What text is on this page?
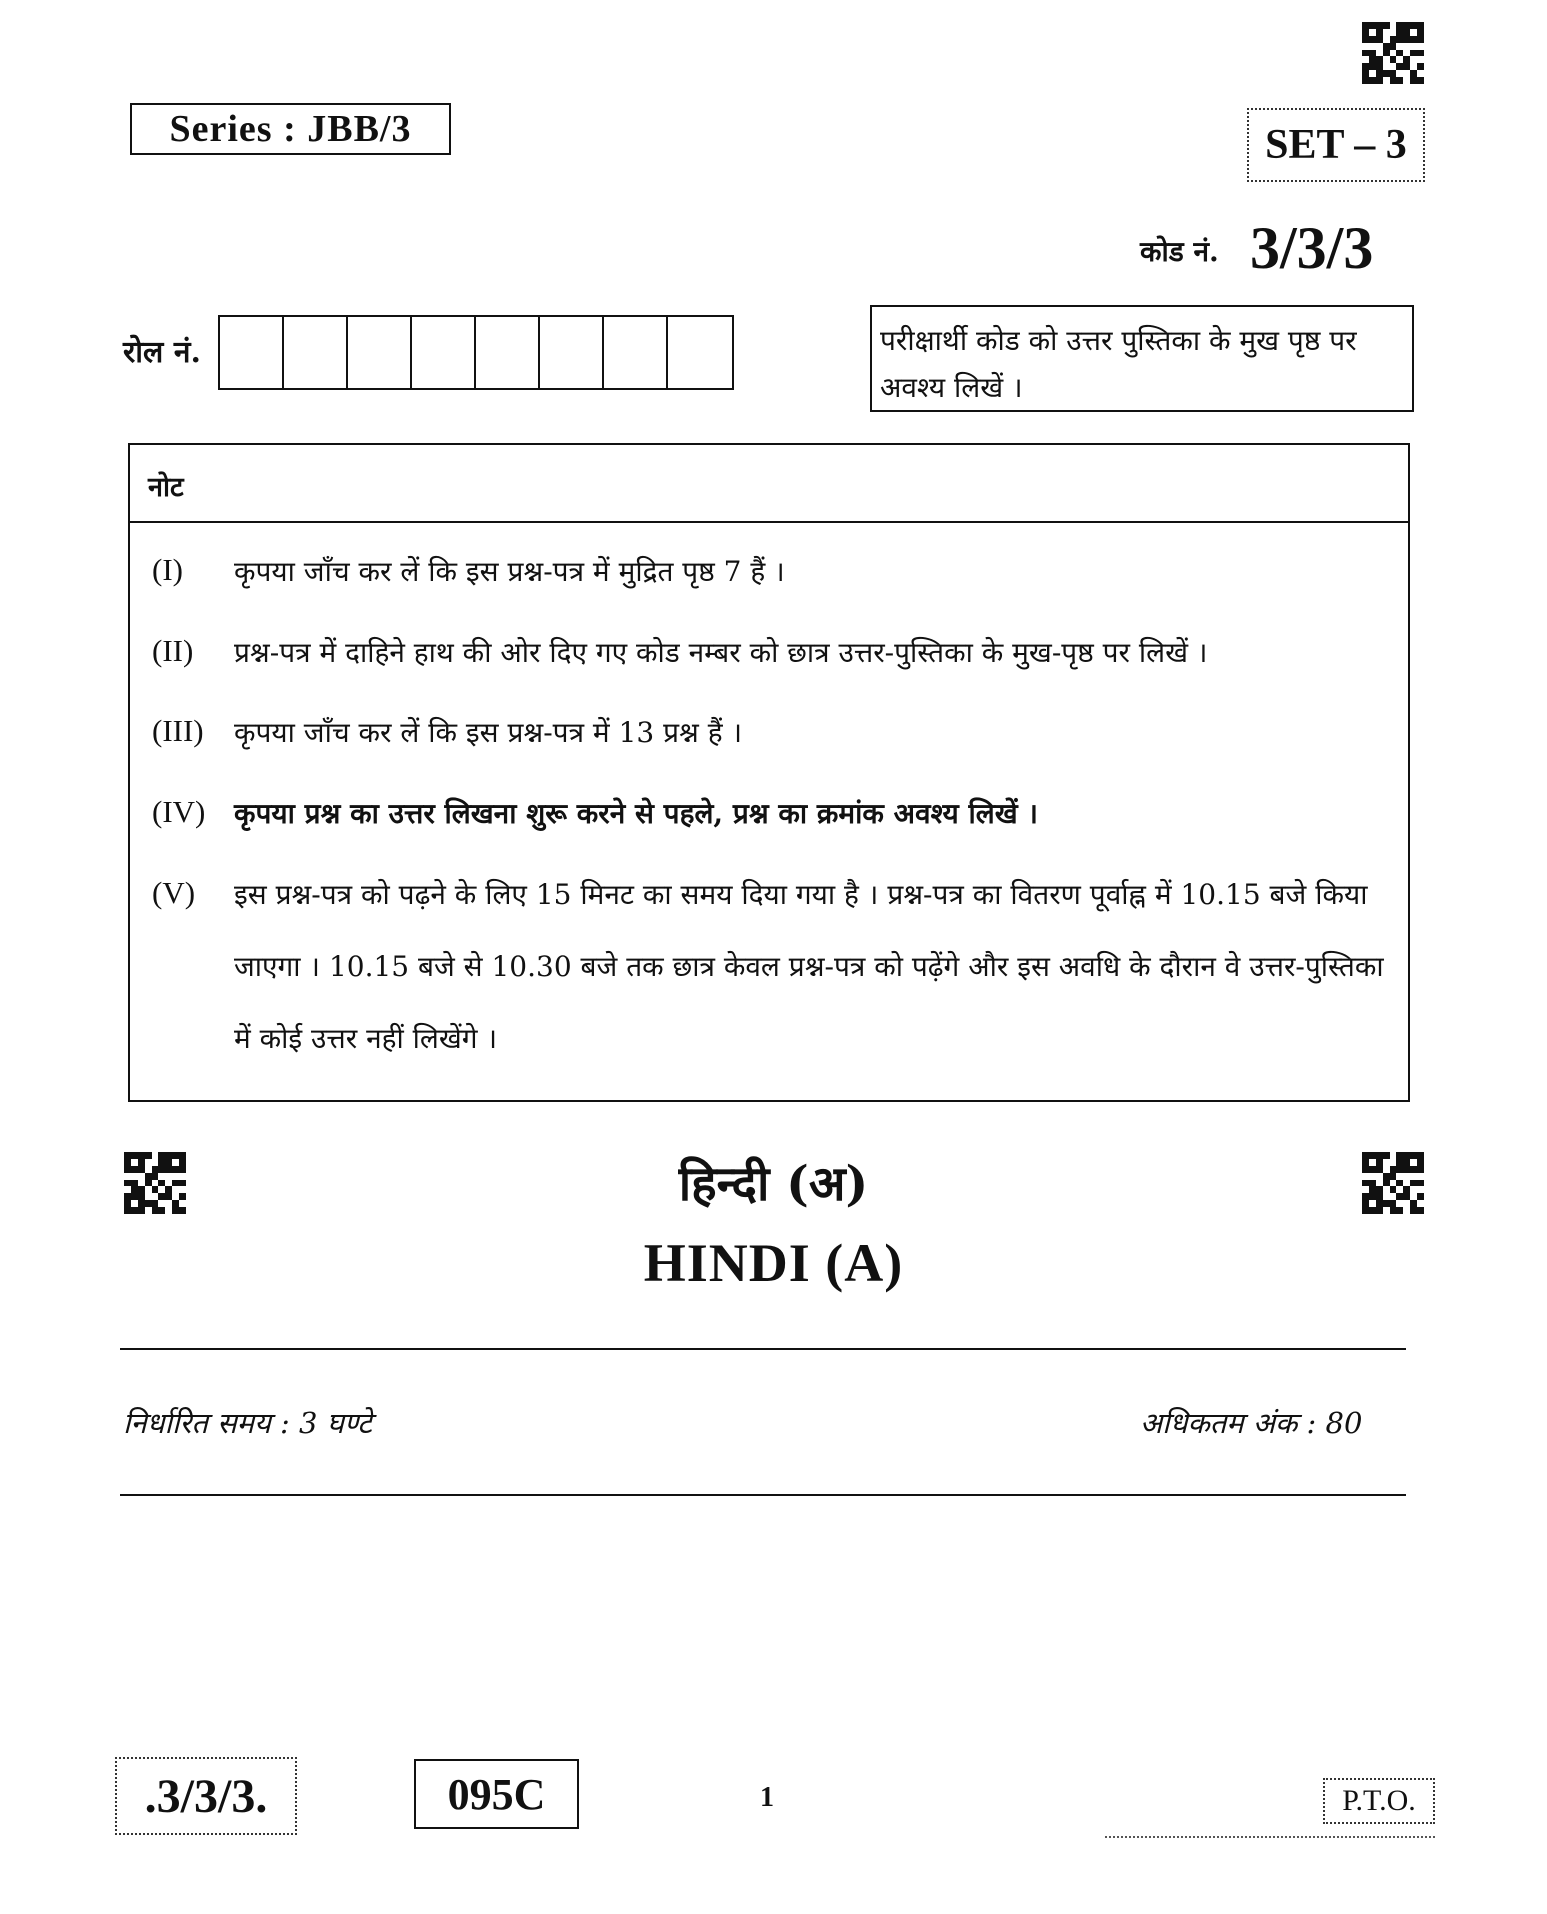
Series : JBB/3	SET – 3
कोड नं. 3/3/3
रोल नं.	परीक्षार्थी कोड को उत्तर पुस्तिका के मुख पृष्ठ पर अवश्य लिखें ।
नोट
(I) कृपया जाँच कर लें कि इस प्रश्न-पत्र में मुद्रित पृष्ठ 7 हैं ।
(II) प्रश्न-पत्र में दाहिने हाथ की ओर दिए गए कोड नम्बर को छात्र उत्तर-पुस्तिका के मुख-पृष्ठ पर लिखें ।
(III) कृपया जाँच कर लें कि इस प्रश्न-पत्र में 13 प्रश्न हैं ।
(IV) कृपया प्रश्न का उत्तर लिखना शुरू करने से पहले, प्रश्न का क्रमांक अवश्य लिखें ।
(V) इस प्रश्न-पत्र को पढ़ने के लिए 15 मिनट का समय दिया गया है । प्रश्न-पत्र का वितरण पूर्वाह्न में 10.15 बजे किया जाएगा । 10.15 बजे से 10.30 बजे तक छात्र केवल प्रश्न-पत्र को पढ़ेंगे और इस अवधि के दौरान वे उत्तर-पुस्तिका में कोई उत्तर नहीं लिखेंगे ।
हिन्दी (अ)
HINDI (A)
निर्धारित समय : 3 घण्टे	अधिकतम अंक : 80
.3/3/3.	095C	1	P.T.O.
